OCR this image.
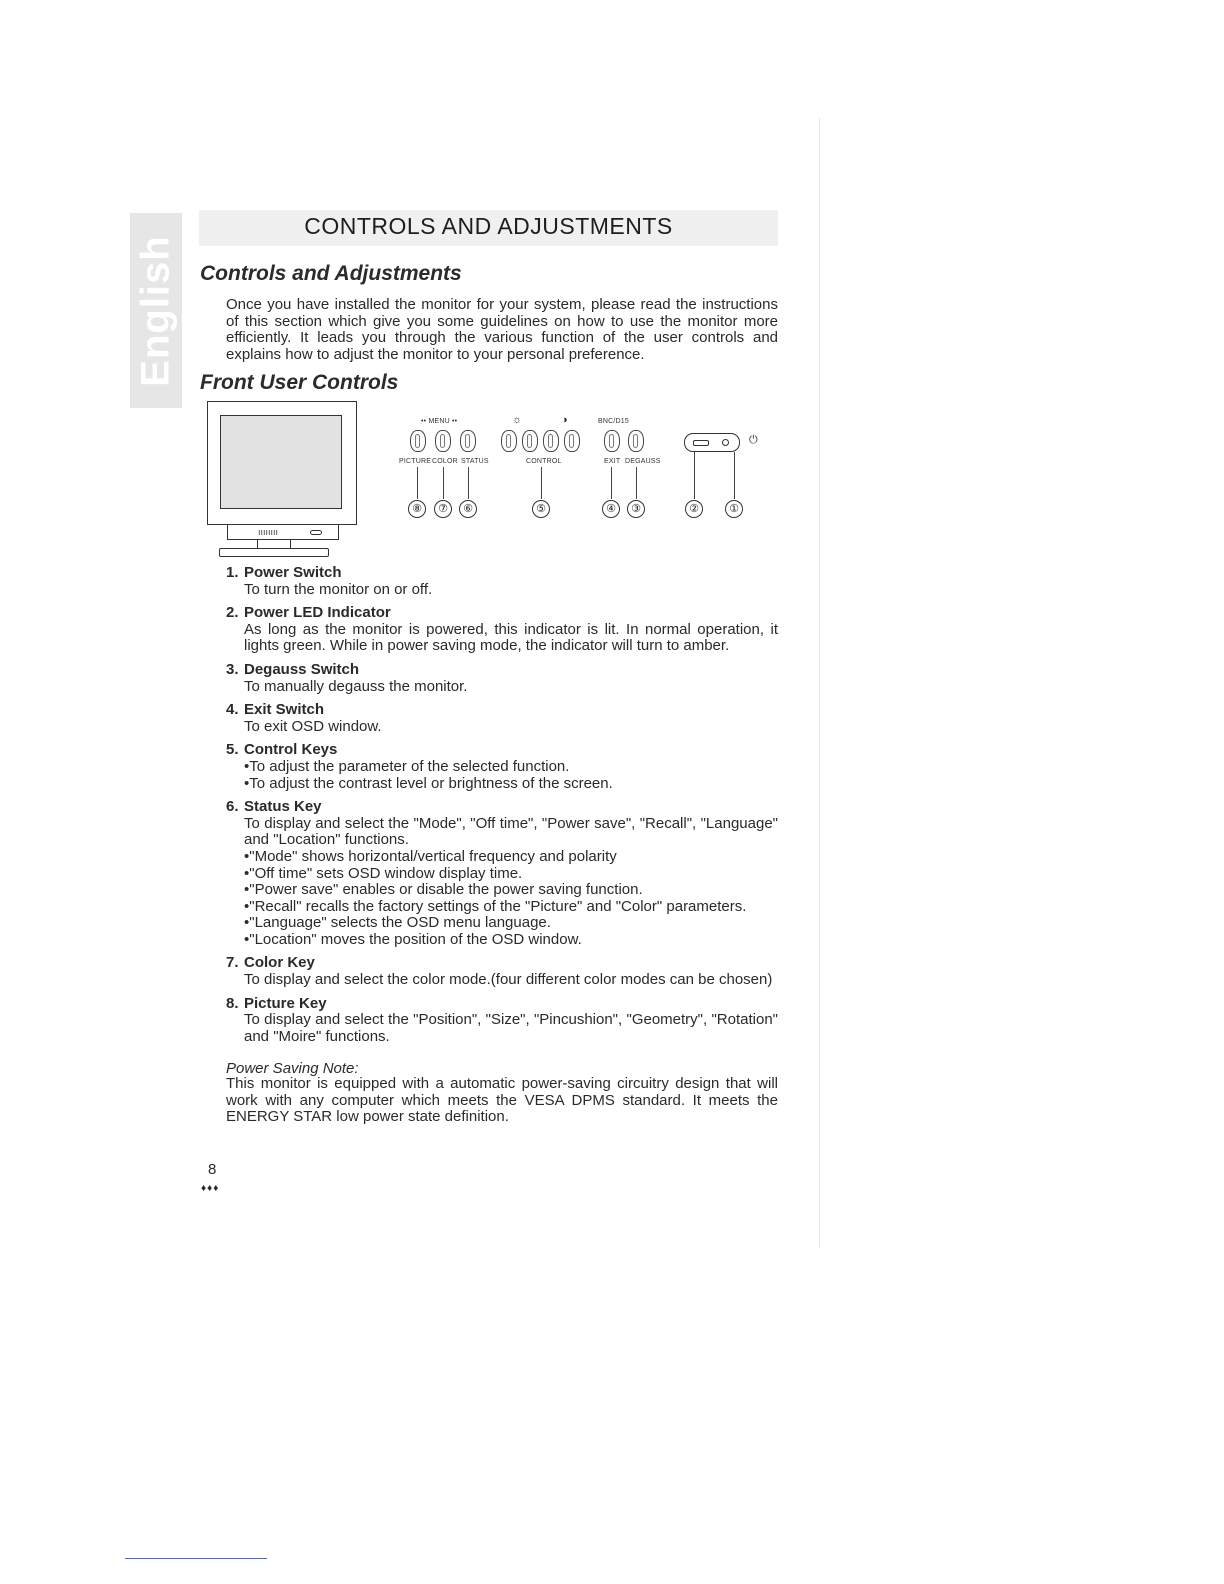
English
CONTROLS AND ADJUSTMENTS
Controls and Adjustments

Once you have installed the monitor for your system, please read the instructions of this section which give you some guidelines on how to use the monitor more efficiently. It leads you through the various function of the user controls and explains how to adjust the monitor to your personal preference.

Front User Controls
ıııııııı
•• MENU ••	☼	◑	BNC/D15
⏻
PICTURE COLOR STATUS	CONTROL	EXIT DEGAUSS
⑧	⑦	⑥	⑤	④	③	②	①
1. Power Switch
To turn the monitor on or off.
2. Power LED Indicator
As long as the monitor is powered, this indicator is lit. In normal operation, it lights green. While in power saving mode, the indicator will turn to amber.
3. Degauss Switch
To manually degauss the monitor.
4. Exit Switch
To exit OSD window.
5. Control Keys
•To adjust the parameter of the selected function.
•To adjust the contrast level or brightness of the screen.
6. Status Key
To display and select the "Mode", "Off time", "Power save", "Recall", "Language" and "Location" functions.
•"Mode" shows horizontal/vertical frequency and polarity
•"Off time" sets OSD window display time.
•"Power save" enables or disable the power saving function.
•"Recall" recalls the factory settings of the "Picture" and "Color" parameters.
•"Language" selects the OSD menu language.
•"Location" moves the position of the OSD window.
7. Color Key
To display and select the color mode.(four different color modes can be chosen)
8. Picture Key
To display and select the "Position", "Size", "Pincushion", "Geometry", "Rotation" and "Moire" functions.

Power Saving Note:

This monitor is equipped with a automatic power-saving circuitry design that will work with any computer which meets the VESA DPMS standard. It meets the ENERGY STAR low power state definition.

8
♦♦♦
